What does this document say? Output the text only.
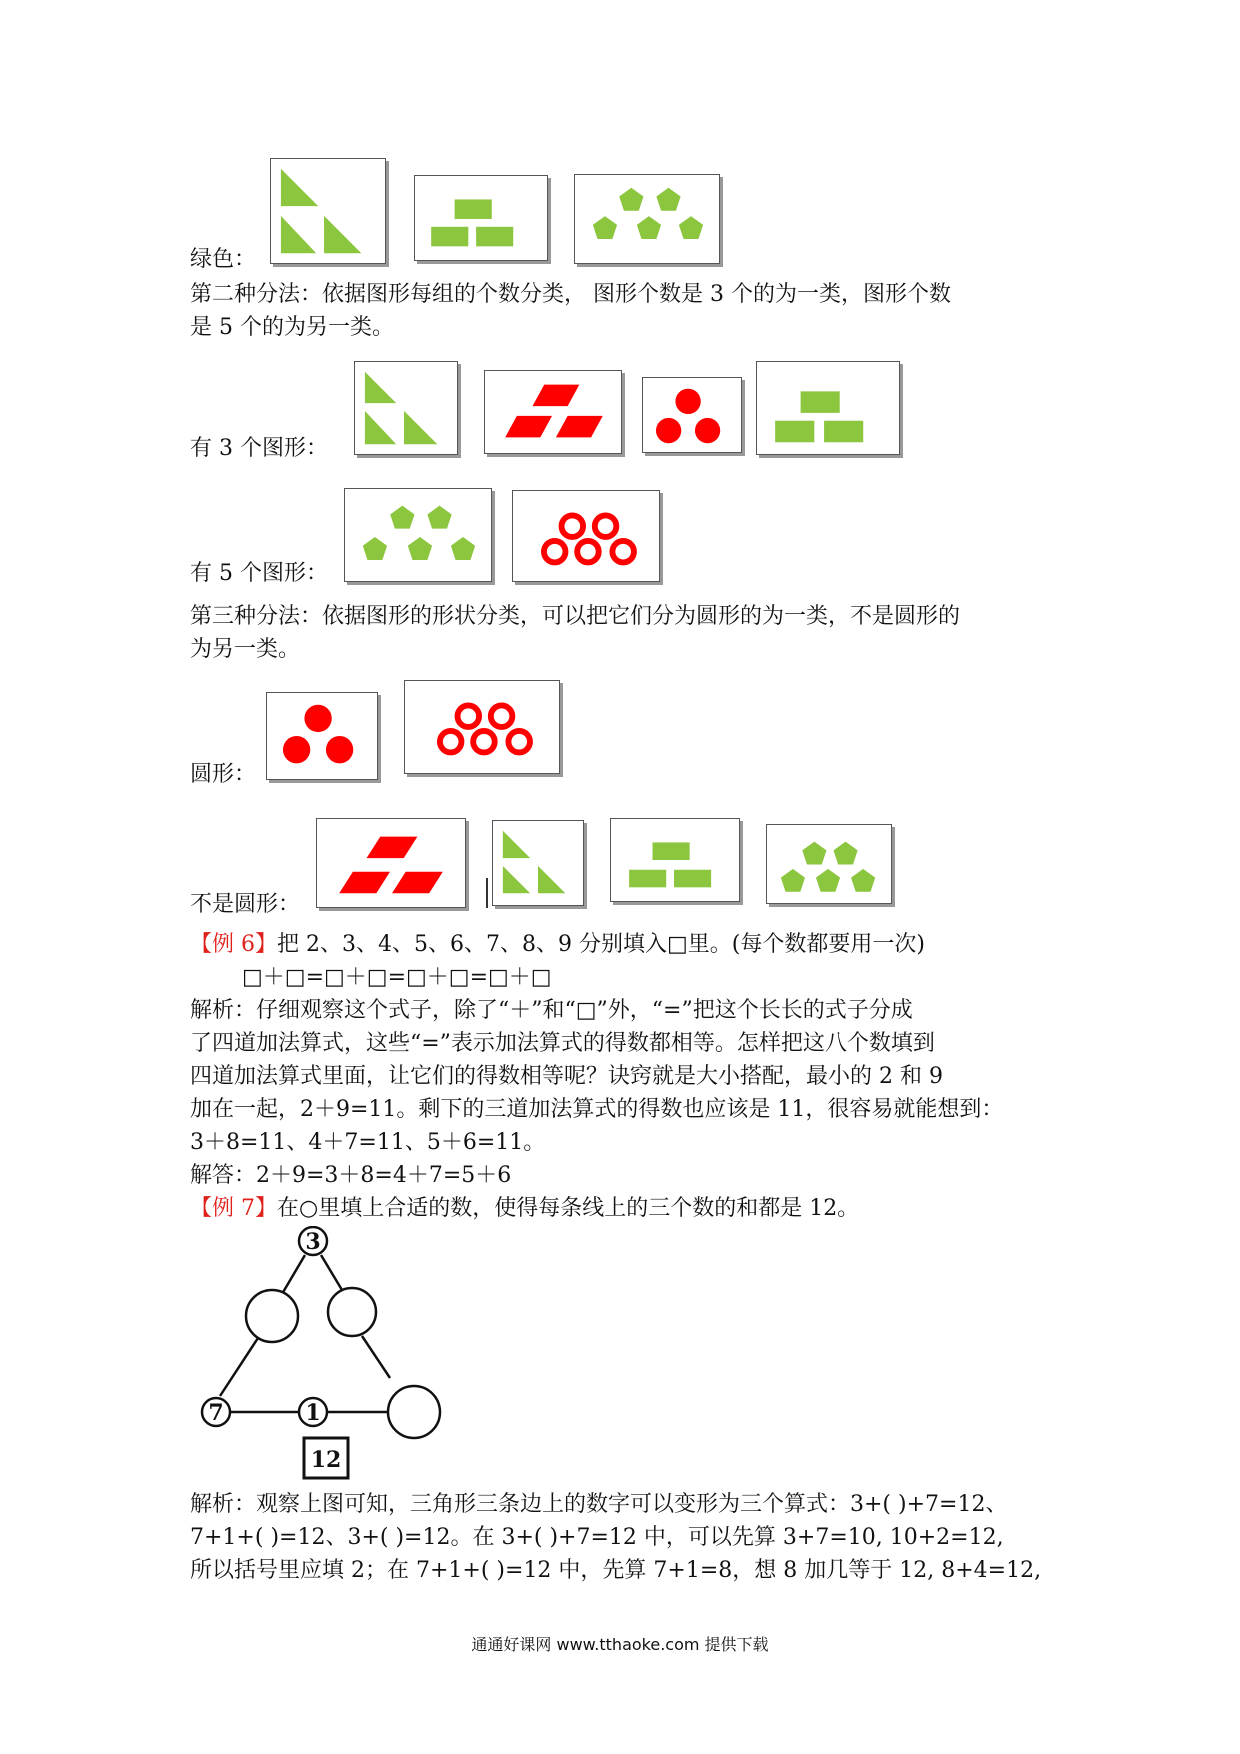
绿色：
第二种分法：依据图形每组的个数分类， 图形个数是 3 个的为一类，图形个数
是 5 个的为另一类。
有 3 个图形：
有 5 个图形：
第三种分法：依据图形的形状分类，可以把它们分为圆形的为一类，不是圆形的
为另一类。
圆形：
不是圆形：
【例 6】把 2、3、4、5、6、7、8、9 分别填入□里。(每个数都要用一次)
□＋□=□＋□=□＋□=□＋□
解析：仔细观察这个式子，除了“＋”和“□”外，“=”把这个长长的式子分成
了四道加法算式，这些“=”表示加法算式的得数都相等。怎样把这八个数填到
四道加法算式里面，让它们的得数相等呢？诀窍就是大小搭配，最小的 2 和 9
加在一起，2＋9=11。剩下的三道加法算式的得数也应该是 11，很容易就能想到：
3＋8=11、4＋7=11、5＋6=11。
解答：2＋9=3＋8=4＋7=5＋6
【例 7】在○里填上合适的数，使得每条线上的三个数的和都是 12。
3
7	1
12
解析：观察上图可知，三角形三条边上的数字可以变形为三个算式：3+( )+7=12、
7+1+( )=12、3+( )=12。在 3+( )+7=12 中，可以先算 3+7=10, 10+2=12,
所以括号里应填 2；在 7+1+( )=12 中，先算 7+1=8，想 8 加几等于 12, 8+4=12,
通通好课网 www.tthaoke.com 提供下载
